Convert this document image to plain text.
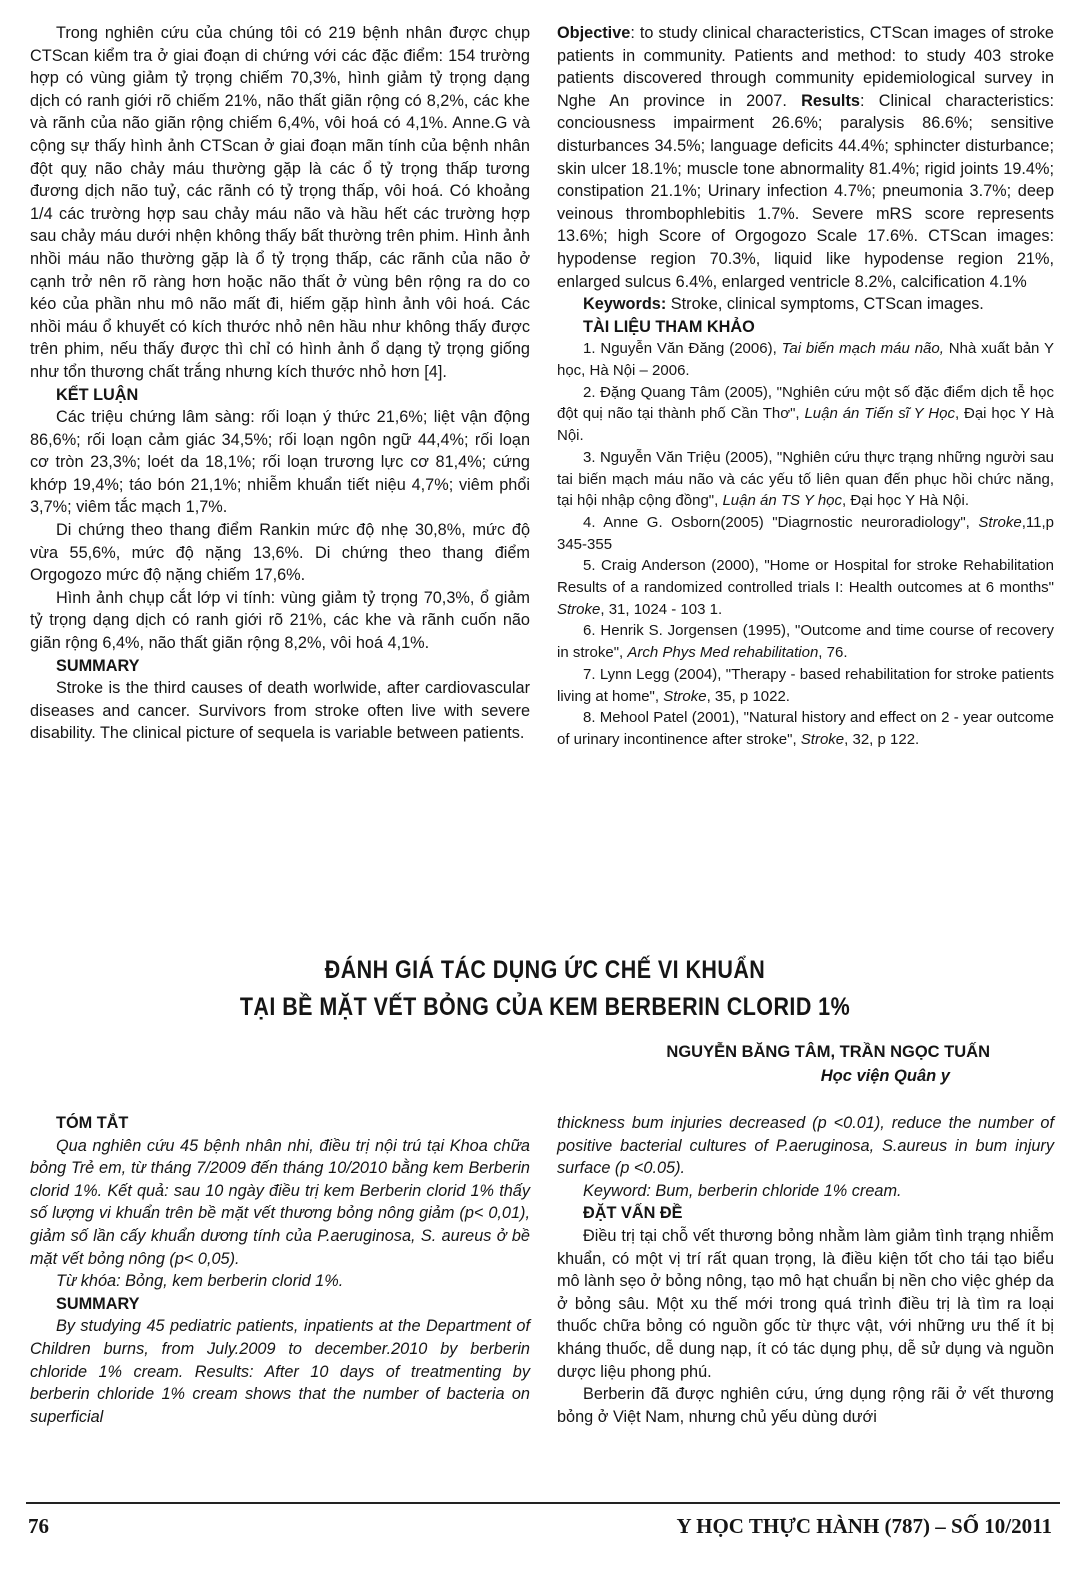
Trong nghiên cứu của chúng tôi có 219 bệnh nhân được chụp CTScan kiểm tra ở giai đoạn di chứng với các đặc điểm: 154 trường hợp có vùng giảm tỷ trọng chiếm 70,3%, hình giảm tỷ trọng dạng dịch có ranh giới rõ chiếm 21%, não thất giãn rộng có 8,2%, các khe và rãnh của não giãn rộng chiếm 6,4%, vôi hoá có 4,1%. Anne.G và cộng sự thấy hình ảnh CTScan ở giai đoạn mãn tính của bệnh nhân đột quỵ não chảy máu thường gặp là các ổ tỷ trọng thấp tương đương dịch não tuỷ, các rãnh có tỷ trọng thấp, vôi hoá. Có khoảng 1/4 các trường hợp sau chảy máu não và hầu hết các trường hợp sau chảy máu dưới nhện không thấy bất thường trên phim. Hình ảnh nhồi máu não thường gặp là ổ tỷ trọng thấp, các rãnh của não ở cạnh trở nên rõ ràng hơn hoặc não thất ở vùng bên rộng ra do co kéo của phần nhu mô não mất đi, hiếm gặp hình ảnh vôi hoá. Các nhồi máu ổ khuyết có kích thước nhỏ nên hầu như không thấy được trên phim, nếu thấy được thì chỉ có hình ảnh ổ dạng tỷ trọng giống như tổn thương chất trắng nhưng kích thước nhỏ hơn [4].

KẾT LUẬN

Các triệu chứng lâm sàng: rối loạn ý thức 21,6%; liệt vận động 86,6%; rối loạn cảm giác 34,5%; rối loạn ngôn ngữ 44,4%; rối loạn cơ tròn 23,3%; loét da 18,1%; rối loạn trương lực cơ 81,4%; cứng khớp 19,4%; táo bón 21,1%; nhiễm khuẩn tiết niệu 4,7%; viêm phổi 3,7%; viêm tắc mạch 1,7%.

Di chứng theo thang điểm Rankin mức độ nhẹ 30,8%, mức độ vừa 55,6%, mức độ nặng 13,6%. Di chứng theo thang điểm Orgogozo mức độ nặng chiếm 17,6%.

Hình ảnh chụp cắt lớp vi tính: vùng giảm tỷ trọng 70,3%, ổ giảm tỷ trọng dạng dịch có ranh giới rõ 21%, các khe và rãnh cuốn não giãn rộng 6,4%, não thất giãn rộng 8,2%, vôi hoá 4,1%.

SUMMARY

Stroke is the third causes of death worlwide, after cardiovascular diseases and cancer. Survivors from stroke often live with severe disability. The clinical picture of sequela is variable between patients.

Objective: to study clinical characteristics, CTScan images of stroke patients in community. Patients and method: to study 403 stroke patients discovered through community epidemiological survey in Nghe An province in 2007. Results: Clinical characteristics: conciousness impairment 26.6%; paralysis 86.6%; sensitive disturbances 34.5%; language deficits 44.4%; sphincter disturbance; skin ulcer 18.1%; muscle tone abnormality 81.4%; rigid joints 19.4%; constipation 21.1%; Urinary infection 4.7%; pneumonia 3.7%; deep veinous thrombophlebitis 1.7%. Severe mRS score represents 13.6%; high Score of Orgogozo Scale 17.6%. CTScan images: hypodense region 70.3%, liquid like hypodense region 21%, enlarged sulcus 6.4%, enlarged ventricle 8.2%, calcification 4.1%

Keywords: Stroke, clinical symptoms, CTScan images.

TÀI LIỆU THAM KHẢO

1. Nguyễn Văn Đăng (2006), Tai biến mạch máu não, Nhà xuất bản Y học, Hà Nội – 2006.

2. Đặng Quang Tâm (2005), "Nghiên cứu một số đặc điểm dịch tễ học đột quị não tại thành phố Cần Thơ", Luận án Tiến sĩ Y Học, Đại học Y Hà Nội.

3. Nguyễn Văn Triệu (2005), "Nghiên cứu thực trạng những người sau tai biến mạch máu não và các yếu tố liên quan đến phục hồi chức năng, tại hội nhập cộng đồng", Luận án TS Y học, Đại học Y Hà Nội.

4. Anne G. Osborn(2005) "Diagrnostic neuroradiology", Stroke,11,p 345-355

5. Craig Anderson (2000), "Home or Hospital for stroke Rehabilitation Results of a randomized controlled trials I: Health outcomes at 6 months" Stroke, 31, 1024 - 103 1.

6. Henrik S. Jorgensen (1995), "Outcome and time course of recovery in stroke", Arch Phys Med rehabilitation, 76.

7. Lynn Legg (2004), "Therapy - based rehabilitation for stroke patients living at home", Stroke, 35, p 1022.

8. Mehool Patel (2001), "Natural history and effect on 2 - year outcome of urinary incontinence after stroke", Stroke, 32, p 122.

ĐÁNH GIÁ TÁC DỤNG ỨC CHẾ VI KHUẨN
TẠI BỀ MẶT VẾT BỎNG CỦA KEM BERBERIN CLORID 1%
NGUYỄN BĂNG TÂM, TRẦN NGỌC TUẤN
Học viện Quân y

TÓM TẮT

Qua nghiên cứu 45 bệnh nhân nhi, điều trị nội trú tại Khoa chữa bỏng Trẻ em, từ tháng 7/2009 đến tháng 10/2010 bằng kem Berberin clorid 1%. Kết quả: sau 10 ngày điều trị kem Berberin clorid 1% thấy số lượng vi khuẩn trên bề mặt vết thương bỏng nông giảm (p< 0,01), giảm số lần cấy khuẩn dương tính của P.aeruginosa, S. aureus ở bề mặt vết bỏng nông (p< 0,05).

Từ khóa: Bỏng, kem berberin clorid 1%.

SUMMARY

By studying 45 pediatric patients, inpatients at the Department of Children burns, from July.2009 to december.2010 by berberin chloride 1% cream. Results: After 10 days of treatmenting by berberin chloride 1% cream shows that the number of bacteria on superficial

thickness bum injuries decreased (p <0.01), reduce the number of positive bacterial cultures of P.aeruginosa, S.aureus in bum injury surface (p <0.05).

Keyword: Bum, berberin chloride 1% cream.

ĐẶT VẤN ĐỀ

Điều trị tại chỗ vết thương bỏng nhằm làm giảm tình trạng nhiễm khuẩn, có một vị trí rất quan trọng, là điều kiện tốt cho tái tạo biểu mô lành sẹo ở bỏng nông, tạo mô hạt chuẩn bị nền cho việc ghép da ở bỏng sâu. Một xu thế mới trong quá trình điều trị là tìm ra loại thuốc chữa bỏng có nguồn gốc từ thực vật, với những ưu thế ít bị kháng thuốc, dễ dung nạp, ít có tác dụng phụ, dễ sử dụng và nguồn dược liệu phong phú.

Berberin đã được nghiên cứu, ứng dụng rộng rãi ở vết thương bỏng ở Việt Nam, nhưng chủ yếu dùng dưới

76	Y HỌC THỰC HÀNH (787) – SỐ 10/2011
